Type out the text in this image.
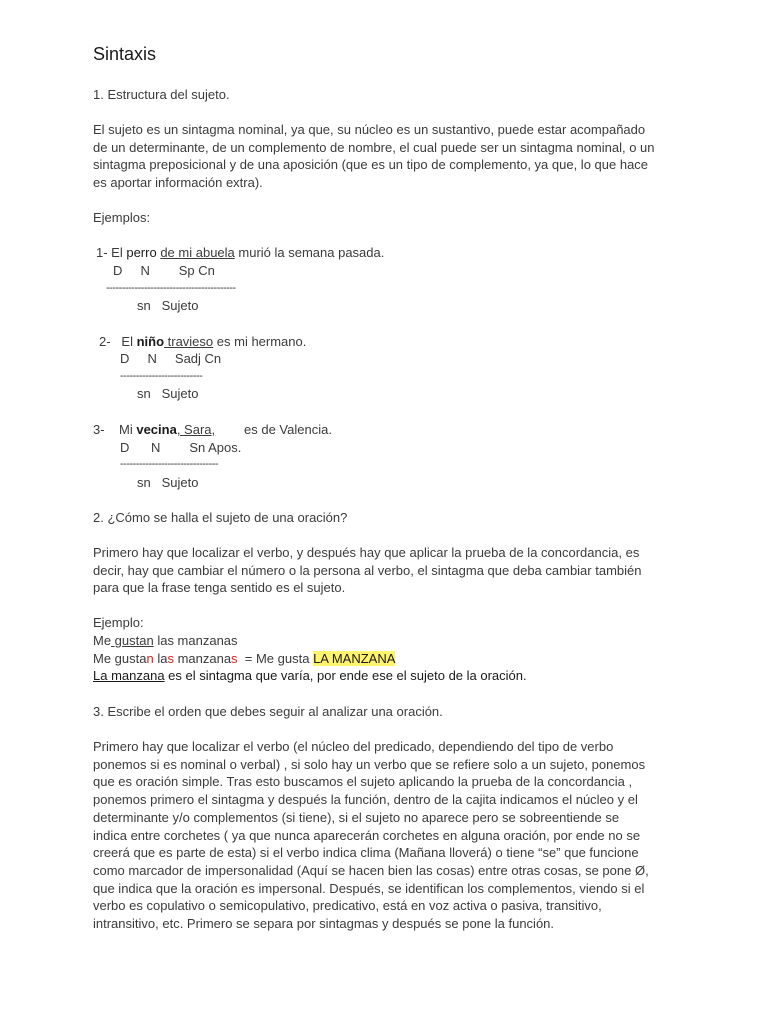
Sintaxis
1. Estructura del sujeto.
El sujeto es un sintagma nominal, ya que, su núcleo es un sustantivo, puede estar acompañado
de un determinante, de un complemento de nombre, el cual puede ser un sintagma nominal, o un
sintagma preposicional y de una aposición (que es un tipo de complemento, ya que, lo que hace
es aportar información extra).
Ejemplos:
1- El perro de mi abuela murió la semana pasada.
D     N        Sp Cn
-----------------------------------------
sn   Sujeto
2-   El niño travieso es mi hermano.
D     N     Sadj Cn
--------------------------
sn   Sujeto
3-    Mi vecina, Sara,        es de Valencia.
D      N        Sn Apos.
-------------------------------
sn   Sujeto
2. ¿Cómo se halla el sujeto de una oración?
Primero hay que localizar el verbo, y después hay que aplicar la prueba de la concordancia, es
decir, hay que cambiar el número o la persona al verbo, el sintagma que deba cambiar también
para que la frase tenga sentido es el sujeto.
Ejemplo:
Me gustan las manzanas
Me gustan las manzanas  = Me gusta LA MANZANA
La manzana es el sintagma que varía, por ende ese el sujeto de la oración.
3. Escribe el orden que debes seguir al analizar una oración.
Primero hay que localizar el verbo (el núcleo del predicado, dependiendo del tipo de verbo
ponemos si es nominal o verbal) , si solo hay un verbo que se refiere solo a un sujeto, ponemos
que es oración simple. Tras esto buscamos el sujeto aplicando la prueba de la concordancia ,
ponemos primero el sintagma y después la función, dentro de la cajita indicamos el núcleo y el
determinante y/o complementos (si tiene), si el sujeto no aparece pero se sobreentiende se
indica entre corchetes ( ya que nunca aparecerán corchetes en alguna oración, por ende no se
creerá que es parte de esta) si el verbo indica clima (Mañana lloverá) o tiene “se” que funcione
como marcador de impersonalidad (Aquí se hacen bien las cosas) entre otras cosas, se pone Ø,
que indica que la oración es impersonal. Después, se identifican los complementos, viendo si el
verbo es copulativo o semicopulativo, predicativo, está en voz activa o pasiva, transitivo,
intransitivo, etc. Primero se separa por sintagmas y después se pone la función.
